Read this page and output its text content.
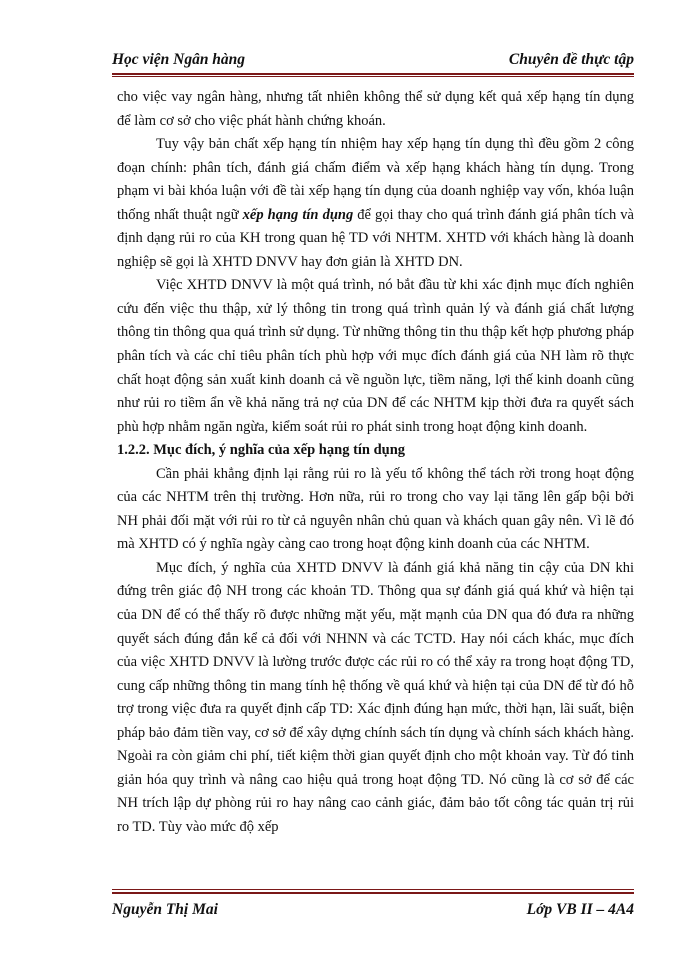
Học viện Ngân hàng	Chuyên đề thực tập

cho việc vay ngân hàng, nhưng tất nhiên không thể sử dụng kết quả xếp hạng tín dụng để làm cơ sở cho việc phát hành chứng khoán.

Tuy vậy bản chất xếp hạng tín nhiệm hay xếp hạng tín dụng thì đều gồm 2 công đoạn chính: phân tích, đánh giá chấm điểm và xếp hạng khách hàng tín dụng. Trong phạm vi bài khóa luận với đề tài xếp hạng tín dụng của doanh nghiệp vay vốn, khóa luận thống nhất thuật ngữ xếp hạng tín dụng để gọi thay cho quá trình đánh giá phân tích và định dạng rủi ro của KH trong quan hệ TD với NHTM. XHTD với khách hàng là doanh nghiệp sẽ gọi là XHTD DNVV hay đơn giản là XHTD DN.

Việc XHTD DNVV là một quá trình, nó bắt đầu từ khi xác định mục đích nghiên cứu đến việc thu thập, xử lý thông tin trong quá trình quản lý và đánh giá chất lượng thông tin thông qua quá trình sử dụng. Từ những thông tin thu thập kết hợp phương pháp phân tích và các chỉ tiêu phân tích phù hợp với mục đích đánh giá của NH làm rõ thực chất hoạt động sản xuất kinh doanh cả về nguồn lực, tiềm năng, lợi thế kinh doanh cũng như rủi ro tiềm ẩn về khả năng trả nợ của DN để các NHTM kịp thời đưa ra quyết sách phù hợp nhằm ngăn ngừa, kiểm soát rủi ro phát sinh trong hoạt động kinh doanh.

1.2.2. Mục đích, ý nghĩa của xếp hạng tín dụng

Cần phải khẳng định lại rằng rủi ro là yếu tố không thể tách rời trong hoạt động của các NHTM trên thị trường. Hơn nữa, rủi ro trong cho vay lại tăng lên gấp bội bởi NH phải đối mặt với rủi ro từ cả nguyên nhân chủ quan và khách quan gây nên. Vì lẽ đó mà XHTD có ý nghĩa ngày càng cao trong hoạt động kinh doanh của các NHTM.

Mục đích, ý nghĩa của XHTD DNVV là đánh giá khả năng tin cậy của DN khi đứng trên giác độ NH trong các khoản TD. Thông qua sự đánh giá quá khứ và hiện tại của DN để có thể thấy rõ được những mặt yếu, mặt mạnh của DN qua đó đưa ra những quyết sách đúng đắn kể cả đối với NHNN và các TCTD. Hay nói cách khác, mục đích của việc XHTD DNVV là lường trước được các rủi ro có thể xảy ra trong hoạt động TD, cung cấp những thông tin mang tính hệ thống về quá khứ và hiện tại của DN để từ đó hỗ trợ trong việc đưa ra quyết định cấp TD: Xác định đúng hạn mức, thời hạn, lãi suất, biện pháp bảo đảm tiền vay, cơ sở để xây dựng chính sách tín dụng và chính sách khách hàng. Ngoài ra còn giảm chi phí, tiết kiệm thời gian quyết định cho một khoản vay. Từ đó tinh giản hóa quy trình và nâng cao hiệu quả trong hoạt động TD. Nó cũng là cơ sở để các NH trích lập dự phòng rủi ro hay nâng cao cảnh giác, đảm bảo tốt công tác quản trị rủi ro TD. Tùy vào mức độ xếp

Nguyễn Thị Mai	Lớp VB II – 4A4
